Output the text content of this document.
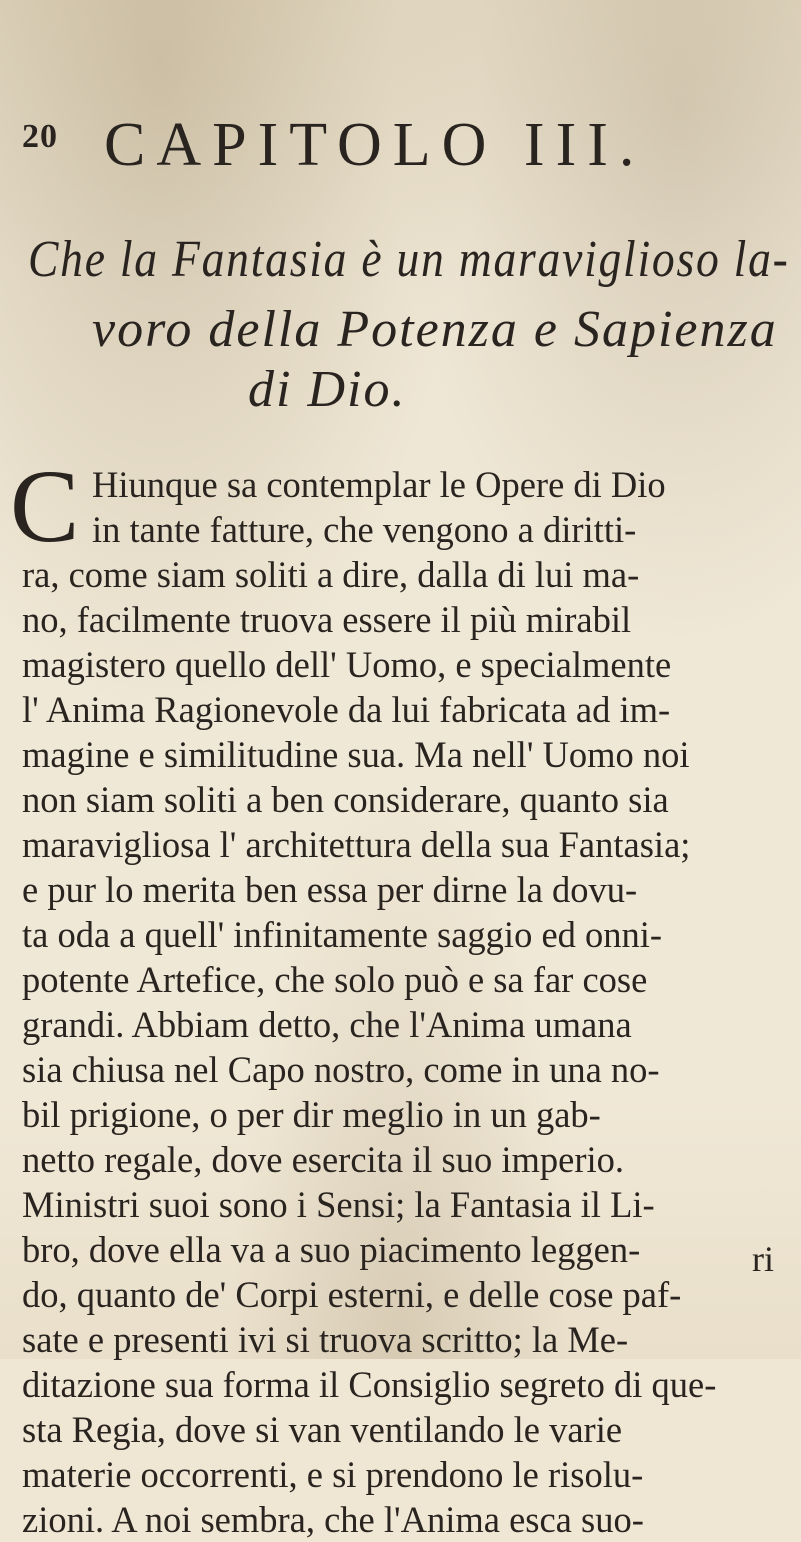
20 CAPITOLO III.
Che la Fantasia è un maraviglioso la-
voro della Potenza e Sapienza
di Dio.
C Hiunque sa contemplar le Opere di Dio
in tante fatture, che vengono a diritti-
ra, come siam soliti a dire, dalla di lui ma-
no, facilmente truova essere il più mirabil
magistero quello dell' Uomo, e specialmente
l' Anima Ragionevole da lui fabricata ad im-
magine e similitudine sua. Ma nell' Uomo noi
non siam soliti a ben considerare, quanto sia
maravigliosa l' architettura della sua Fantasia;
e pur lo merita ben essa per dirne la dovu-
ta oda a quell' infinitamente saggio ed onni-
potente Artefice, che solo può e sa far cose
grandi. Abbiam detto, che l'Anima umana
sia chiusa nel Capo nostro, come in una no-
bil prigione, o per dir meglio in un gab-
netto regale, dove esercita il suo imperio.
Ministri suoi sono i Sensi; la Fantasia il Li-
bro, dove ella va a suo piacimento leggen-
do, quanto de' Corpi esterni, e delle cose paf-
sate e presenti ivi si truova scritto; la Me-
ditazione sua forma il Consiglio segreto di que-
sta Regia, dove si van ventilando le varie
materie occorrenti, e si prendono le risolu-
zioni. A noi sembra, che l'Anima esca suo-
ri
